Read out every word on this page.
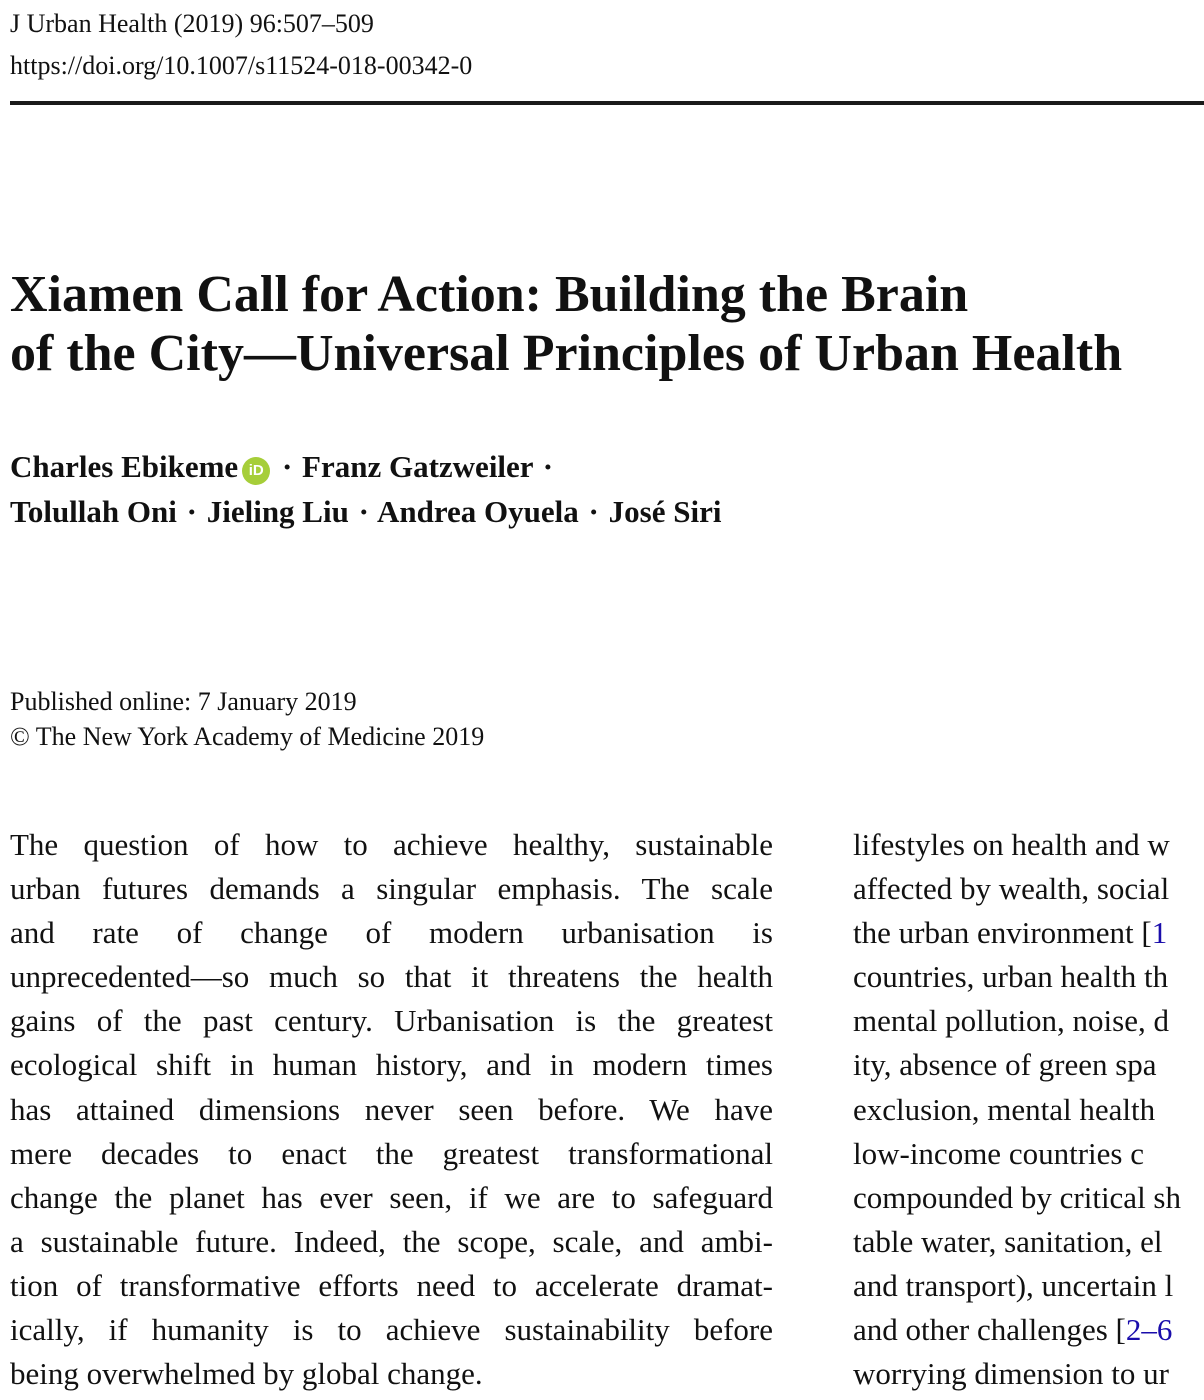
J Urban Health (2019) 96:507–509
https://doi.org/10.1007/s11524-018-00342-0
Xiamen Call for Action: Building the Brain
of the City—Universal Principles of Urban Health
Charles Ebikeme iD · Franz Gatzweiler ·
Tolullah Oni · Jieling Liu · Andrea Oyuela · José Siri
Published online: 7 January 2019
© The New York Academy of Medicine 2019
The question of how to achieve healthy, sustainable
urban futures demands a singular emphasis. The scale
and rate of change of modern urbanisation is
unprecedented—so much so that it threatens the health
gains of the past century. Urbanisation is the greatest
ecological shift in human history, and in modern times
has attained dimensions never seen before. We have
mere decades to enact the greatest transformational
change the planet has ever seen, if we are to safeguard
a sustainable future. Indeed, the scope, scale, and ambi-
tion of transformative efforts need to accelerate dramat-
ically, if humanity is to achieve sustainability before
being overwhelmed by global change.
lifestyles on health and w
affected by wealth, social
the urban environment [1
countries, urban health th
mental pollution, noise, d
ity, absence of green spa
exclusion, mental health
low-income countries c
compounded by critical sh
table water, sanitation, el
and transport), uncertain l
and other challenges [2–6
worrying dimension to ur
